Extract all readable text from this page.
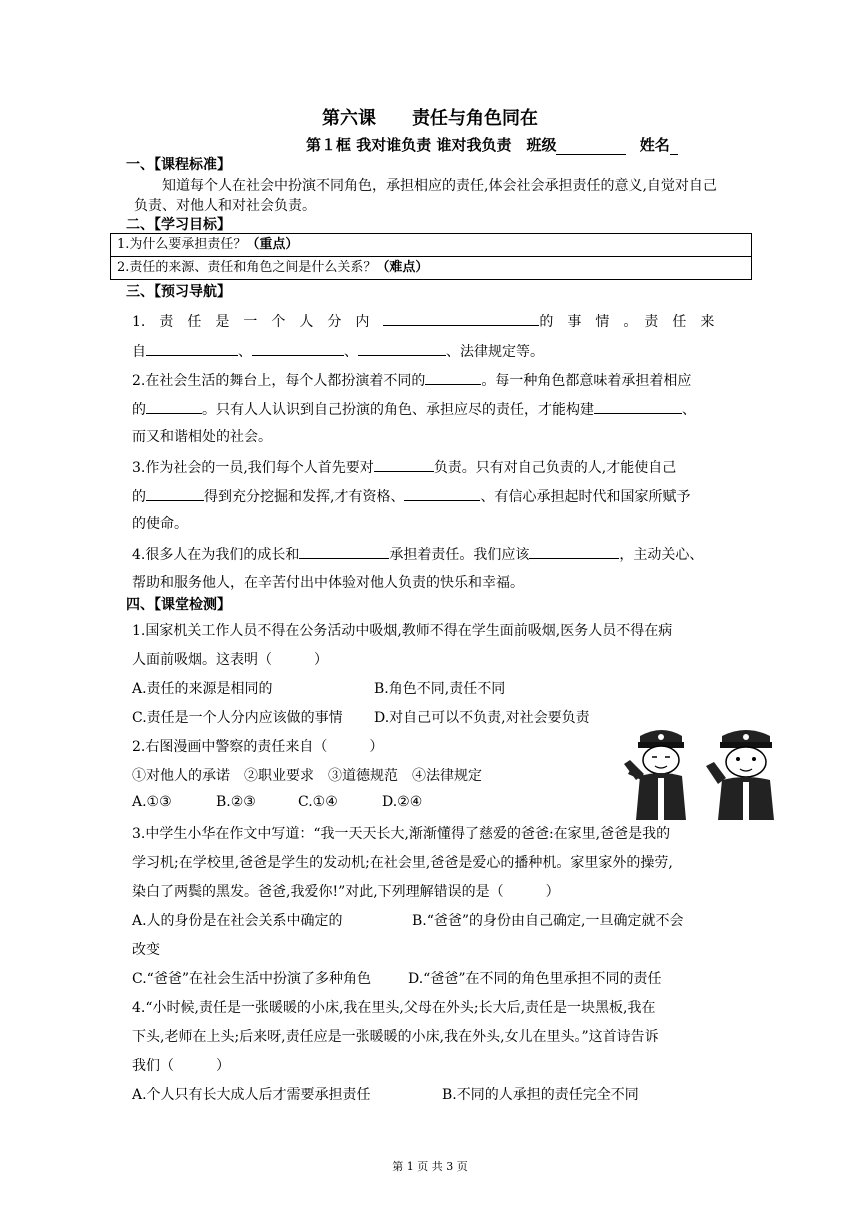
第六课　　责任与角色同在
第１框 我对谁负责 谁对我负责　班级	姓名
一、【课程标准】
知道每个人在社会中扮演不同角色，承担相应的责任,体会社会承担责任的意义,自觉对自己
负责、对他人和对社会负责。
二、【学习目标】
1.为什么要承担责任？（重点）
2.责任的来源、责任和角色之间是什么关系？（难点）
三、【预习导航】
1.　责　任　是　一　个　人　分　内	的　事　情　。　责　任　来
自	、	、	、法律规定等。
2.在社会生活的舞台上，每个人都扮演着不同的	。每一种角色都意味着承担着相应
的	。只有人人认识到自己扮演的角色、承担应尽的责任，才能构建	、
而又和谐相处的社会。
3.作为社会的一员,我们每个人首先要对	负责。只有对自己负责的人,才能使自己
的	得到充分挖掘和发挥,才有资格、	、有信心承担起时代和国家所赋予
的使命。
4.很多人在为我们的成长和	承担着责任。我们应该	，主动关心、
帮助和服务他人，在辛苦付出中体验对他人负责的快乐和幸福。
四、【课堂检测】
1.国家机关工作人员不得在公务活动中吸烟,教师不得在学生面前吸烟,医务人员不得在病
人面前吸烟。这表明（　　　）
A.责任的来源是相同的	B.角色不同,责任不同
C.责任是一个人分内应该做的事情 D.对自己可以不负责,对社会要负责
2.右图漫画中警察的责任来自（　　　）
①对他人的承诺　②职业要求　③道德规范　④法律规定
A.①③	B.②③	C.①④	D.②④
3.中学生小华在作文中写道：“我一天天长大,渐渐懂得了慈爱的爸爸:在家里,爸爸是我的
学习机;在学校里,爸爸是学生的发动机;在社会里,爸爸是爱心的播种机。家里家外的操劳,
染白了两鬓的黑发。爸爸,我爱你!”对此,下列理解错误的是（　　　）
A.人的身份是在社会关系中确定的	B.“爸爸”的身份由自己确定,一旦确定就不会
改变
C.“爸爸”在社会生活中扮演了多种角色	D.“爸爸”在不同的角色里承担不同的责任
4.“小时候,责任是一张暖暖的小床,我在里头,父母在外头;长大后,责任是一块黑板,我在
下头,老师在上头;后来呀,责任应是一张暖暖的小床,我在外头,女儿在里头。”这首诗告诉
我们（　　　）
A.个人只有长大成人后才需要承担责任	B.不同的人承担的责任完全不同
第 1 页 共 3 页
